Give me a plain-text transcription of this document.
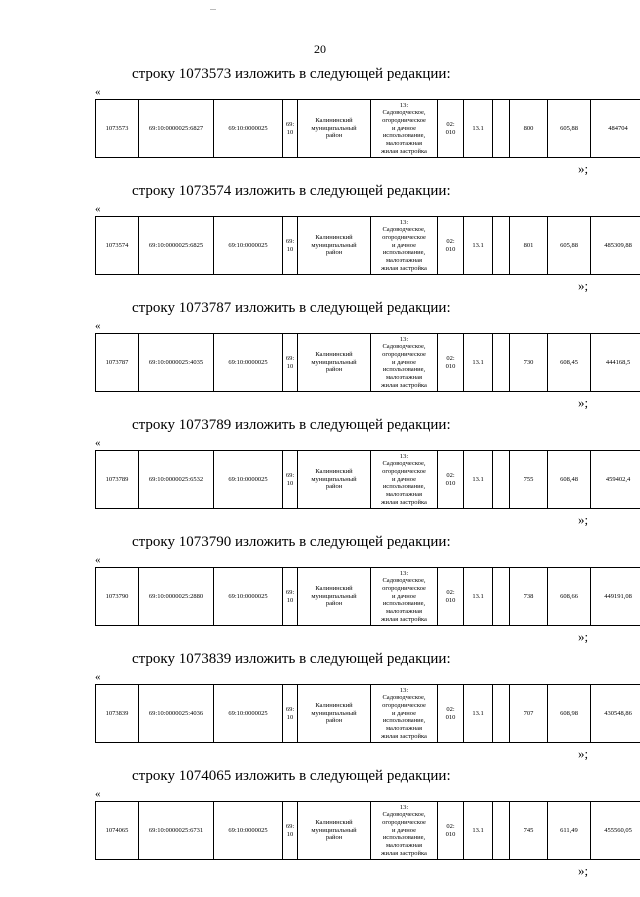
20
строку 1073573 изложить в следующей редакции:
«
1073573	69:10:0000025:6827	69:10:0000025	69:
10	Калининский
муниципальный
район	13:
Садоводческое,
огородническое
и дачное
использование,
малоэтажная
жилая застройка	02:
010	13.1		800	605,88	484704
»;
строку 1073574 изложить в следующей редакции:
«
1073574	69:10:0000025:6825	69:10:0000025	69:
10	Калининский
муниципальный
район	13:
Садоводческое,
огородническое
и дачное
использование,
малоэтажная
жилая застройка	02:
010	13.1		801	605,88	485309,88
»;
строку 1073787 изложить в следующей редакции:
«
1073787	69:10:0000025:4035	69:10:0000025	69:
10	Калининский
муниципальный
район	13:
Садоводческое,
огородническое
и дачное
использование,
малоэтажная
жилая застройка	02:
010	13.1		730	608,45	444168,5
»;
строку 1073789 изложить в следующей редакции:
«
1073789	69:10:0000025:6532	69:10:0000025	69:
10	Калининский
муниципальный
район	13:
Садоводческое,
огородническое
и дачное
использование,
малоэтажная
жилая застройка	02:
010	13.1		755	608,48	459402,4
»;
строку 1073790 изложить в следующей редакции:
«
1073790	69:10:0000025:2880	69:10:0000025	69:
10	Калининский
муниципальный
район	13:
Садоводческое,
огородническое
и дачное
использование,
малоэтажная
жилая застройка	02:
010	13.1		738	608,66	449191,08
»;
строку 1073839 изложить в следующей редакции:
«
1073839	69:10:0000025:4036	69:10:0000025	69:
10	Калининский
муниципальный
район	13:
Садоводческое,
огородническое
и дачное
использование,
малоэтажная
жилая застройка	02:
010	13.1		707	608,98	430548,86
»;
строку 1074065 изложить в следующей редакции:
«
1074065	69:10:0000025:6731	69:10:0000025	69:
10	Калининский
муниципальный
район	13:
Садоводческое,
огородническое
и дачное
использование,
малоэтажная
жилая застройка	02:
010	13.1		745	611,49	455560,05
»;
